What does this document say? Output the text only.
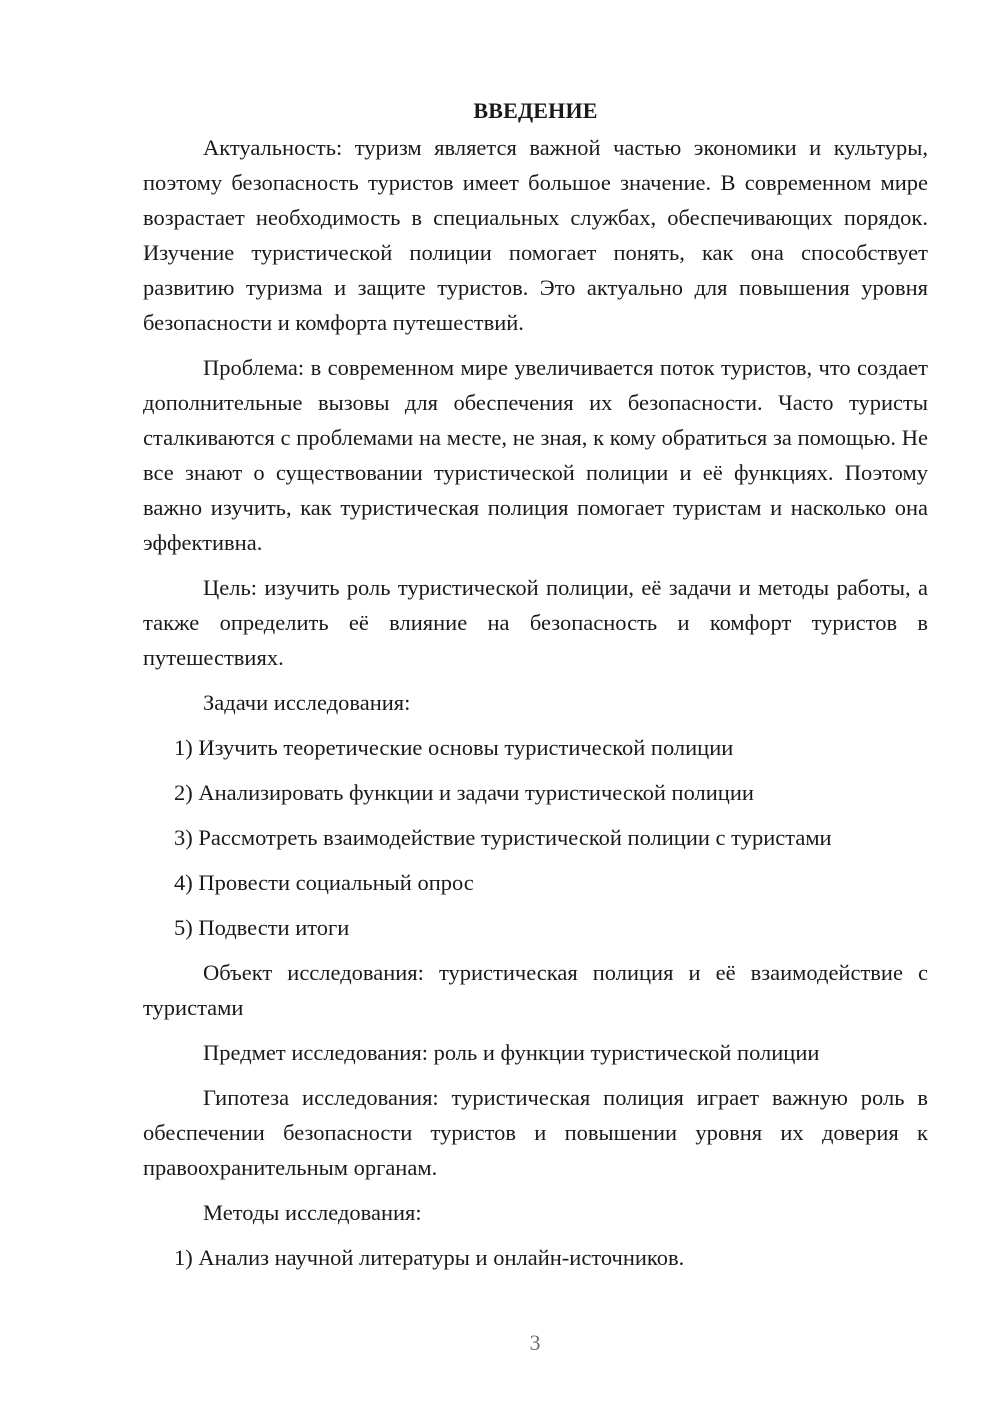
ВВЕДЕНИЕ
Актуальность: туризм является важной частью экономики и культуры, поэтому безопасность туристов имеет большое значение. В современном мире возрастает необходимость в специальных службах, обеспечивающих порядок. Изучение туристической полиции помогает понять, как она способствует развитию туризма и защите туристов. Это актуально для повышения уровня безопасности и комфорта путешествий.
Проблема: в современном мире увеличивается поток туристов, что создает дополнительные вызовы для обеспечения их безопасности. Часто туристы сталкиваются с проблемами на месте, не зная, к кому обратиться за помощью. Не все знают о существовании туристической полиции и её функциях. Поэтому важно изучить, как туристическая полиция помогает туристам и насколько она эффективна.
Цель: изучить роль туристической полиции, её задачи и методы работы, а также определить её влияние на безопасность и комфорт туристов в путешествиях.
Задачи исследования:
1) Изучить теоретические основы туристической полиции
2) Анализировать функции и задачи туристической полиции
3) Рассмотреть взаимодействие туристической полиции с туристами
4) Провести социальный опрос
5) Подвести итоги
Объект исследования: туристическая полиция и её взаимодействие с туристами
Предмет исследования: роль и функции туристической полиции
Гипотеза исследования: туристическая полиция играет важную роль в обеспечении безопасности туристов и повышении уровня их доверия к правоохранительным органам.
Методы исследования:
1) Анализ научной литературы и онлайн-источников.
3
